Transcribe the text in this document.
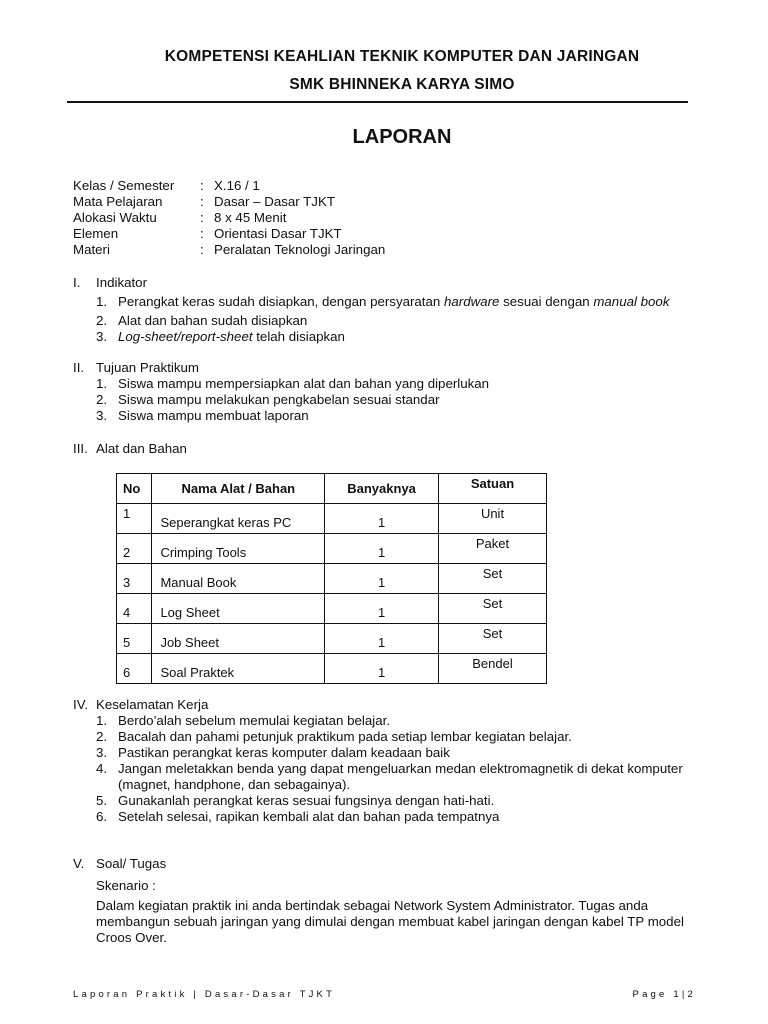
KOMPETENSI KEAHLIAN TEKNIK KOMPUTER DAN JARINGAN
SMK BHINNEKA KARYA SIMO
LAPORAN
Kelas / Semester : X.16 / 1
Mata Pelajaran	: Dasar – Dasar TJKT
Alokasi Waktu	: 8 x 45 Menit
Elemen	: Orientasi Dasar TJKT
Materi	: Peralatan Teknologi Jaringan
I. Indikator
1. Perangkat keras sudah disiapkan, dengan persyaratan hardware sesuai dengan manual book
2. Alat dan bahan sudah disiapkan
3. Log-sheet/report-sheet telah disiapkan
II. Tujuan Praktikum
1. Siswa mampu mempersiapkan alat dan bahan yang diperlukan
2. Siswa mampu melakukan pengkabelan sesuai standar
3. Siswa mampu membuat laporan
III. Alat dan Bahan
No	Nama Alat / Bahan	Banyaknya	Satuan
1	Seperangkat keras PC	1	Unit
2	Crimping Tools	1	Paket
3	Manual Book	1	Set
4	Log Sheet	1	Set
5	Job Sheet	1	Set
6	Soal Praktek	1	Bendel
IV. Keselamatan Kerja
1. Berdo’alah sebelum memulai kegiatan belajar.
2. Bacalah dan pahami petunjuk praktikum pada setiap lembar kegiatan belajar.
3. Pastikan perangkat keras komputer dalam keadaan baik
4. Jangan meletakkan benda yang dapat mengeluarkan medan elektromagnetik di dekat komputer
(magnet, handphone, dan sebagainya).
5. Gunakanlah perangkat keras sesuai fungsinya dengan hati-hati.
6. Setelah selesai, rapikan kembali alat dan bahan pada tempatnya
V. Soal/ Tugas
Skenario :
Dalam kegiatan praktik ini anda bertindak sebagai Network System Administrator. Tugas anda
membangun sebuah jaringan yang dimulai dengan membuat kabel jaringan dengan kabel TP model
Croos Over.
Laporan Praktik | Dasar-Dasar TJKT	Page 1|2
